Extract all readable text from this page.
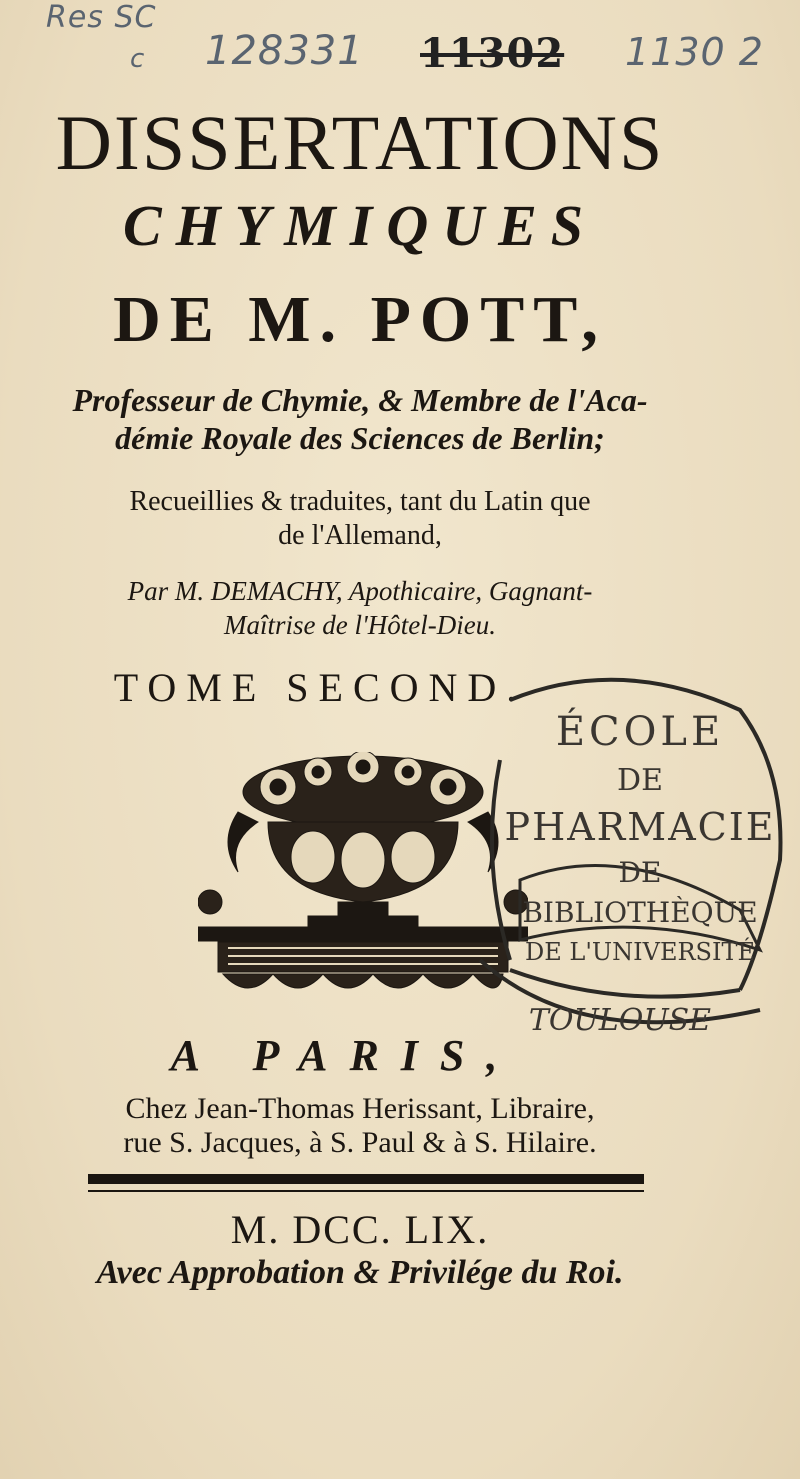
Res SC
c 128331 11302 1130 2
DISSERTATIONS
CHYMIQUES
DE M. POTT,
Professeur de Chymie, & Membre de l'Aca-
démie Royale des Sciences de Berlin;
Recueillies & traduites, tant du Latin que
de l'Allemand,
Par M. DEMACHY, Apothicaire, Gagnant-
Maîtrise de l'Hôtel-Dieu.
TOME SECOND.
ÉCOLE
DE
PHARMACIE
DE
BIBLIOTHÈQUE
DE L'UNIVERSITÉ
TOULOUSE
A PARIS,
Chez Jean-Thomas Herissant, Libraire,
rue S. Jacques, à S. Paul & à S. Hilaire.
M. DCC. LIX.
Avec Approbation & Privilége du Roi.
